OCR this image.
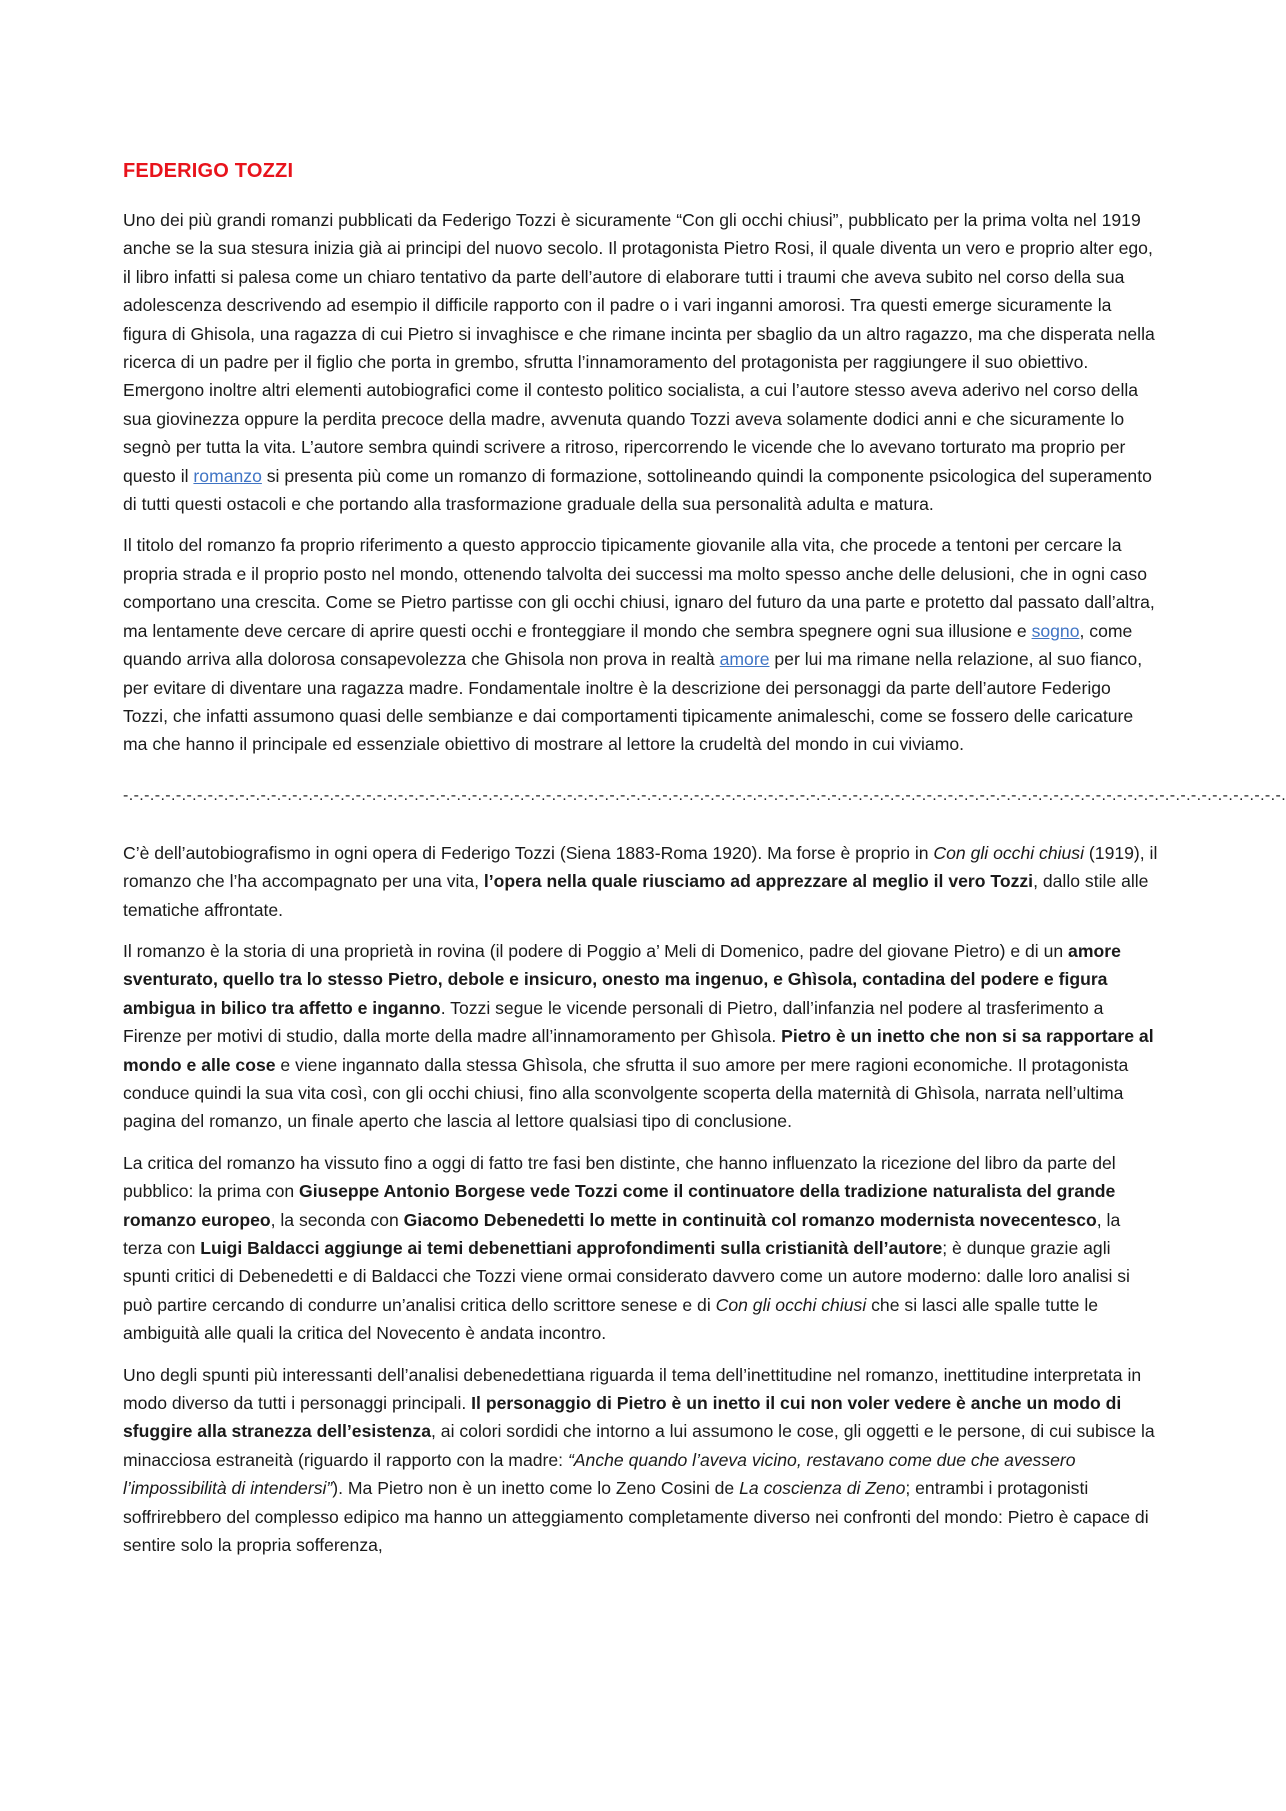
FEDERIGO TOZZI

Uno dei più grandi romanzi pubblicati da Federigo Tozzi è sicuramente “Con gli occhi chiusi”, pubblicato per la prima volta nel 1919 anche se la sua stesura inizia già ai principi del nuovo secolo. Il protagonista Pietro Rosi, il quale diventa un vero e proprio alter ego, il libro infatti si palesa come un chiaro tentativo da parte dell’autore di elaborare tutti i traumi che aveva subito nel corso della sua adolescenza descrivendo ad esempio il difficile rapporto con il padre o i vari inganni amorosi. Tra questi emerge sicuramente la figura di Ghisola, una ragazza di cui Pietro si invaghisce e che rimane incinta per sbaglio da un altro ragazzo, ma che disperata nella ricerca di un padre per il figlio che porta in grembo, sfrutta l’innamoramento del protagonista per raggiungere il suo obiettivo. Emergono inoltre altri elementi autobiografici come il contesto politico socialista, a cui l’autore stesso aveva aderivo nel corso della sua giovinezza oppure la perdita precoce della madre, avvenuta quando Tozzi aveva solamente dodici anni e che sicuramente lo segnò per tutta la vita. L’autore sembra quindi scrivere a ritroso, ripercorrendo le vicende che lo avevano torturato ma proprio per questo il romanzo si presenta più come un romanzo di formazione, sottolineando quindi la componente psicologica del superamento di tutti questi ostacoli e che portando alla trasformazione graduale della sua personalità adulta e matura.

Il titolo del romanzo fa proprio riferimento a questo approccio tipicamente giovanile alla vita, che procede a tentoni per cercare la propria strada e il proprio posto nel mondo, ottenendo talvolta dei successi ma molto spesso anche delle delusioni, che in ogni caso comportano una crescita. Come se Pietro partisse con gli occhi chiusi, ignaro del futuro da una parte e protetto dal passato dall’altra, ma lentamente deve cercare di aprire questi occhi e fronteggiare il mondo che sembra spegnere ogni sua illusione e sogno, come quando arriva alla dolorosa consapevolezza che Ghisola non prova in realtà amore per lui ma rimane nella relazione, al suo fianco, per evitare di diventare una ragazza madre. Fondamentale inoltre è la descrizione dei personaggi da parte dell’autore Federigo Tozzi, che infatti assumono quasi delle sembianze e dai comportamenti tipicamente animaleschi, come se fossero delle caricature ma che hanno il principale ed essenziale obiettivo di mostrare al lettore la crudeltà del mondo in cui viviamo.

-.-.-.-.-.-.-.-.-.-.-.-.-.-.-.-.-.-.-.-.-.-.-.-.-.-.-.-.-.-.-.-.-.-.-.-.-.-.-.-.-.-.-.-.-.-.-.-.-.-.-.-.-.-.-.-.-.-.-.-.-.-.-.-.-.-.-.-.-.-.-.-.-.-.-.-.-.-.-.-.-.-.-.-.-.-.-.-.-.-.-.-.-.-.-.-.-.-.-.-.-.-.-.-.-.-.-.-.-.-.

C’è dell’autobiografismo in ogni opera di Federigo Tozzi (Siena 1883-Roma 1920). Ma forse è proprio in Con gli occhi chiusi (1919), il romanzo che l’ha accompagnato per una vita, l’opera nella quale riusciamo ad apprezzare al meglio il vero Tozzi, dallo stile alle tematiche affrontate.

Il romanzo è la storia di una proprietà in rovina (il podere di Poggio a’ Meli di Domenico, padre del giovane Pietro) e di un amore sventurato, quello tra lo stesso Pietro, debole e insicuro, onesto ma ingenuo, e Ghìsola, contadina del podere e figura ambigua in bilico tra affetto e inganno. Tozzi segue le vicende personali di Pietro, dall’infanzia nel podere al trasferimento a Firenze per motivi di studio, dalla morte della madre all’innamoramento per Ghìsola. Pietro è un inetto che non si sa rapportare al mondo e alle cose e viene ingannato dalla stessa Ghìsola, che sfrutta il suo amore per mere ragioni economiche. Il protagonista conduce quindi la sua vita così, con gli occhi chiusi, fino alla sconvolgente scoperta della maternità di Ghìsola, narrata nell’ultima pagina del romanzo, un finale aperto che lascia al lettore qualsiasi tipo di conclusione.

La critica del romanzo ha vissuto fino a oggi di fatto tre fasi ben distinte, che hanno influenzato la ricezione del libro da parte del pubblico: la prima con Giuseppe Antonio Borgese vede Tozzi come il continuatore della tradizione naturalista del grande romanzo europeo, la seconda con Giacomo Debenedetti lo mette in continuità col romanzo modernista novecentesco, la terza con Luigi Baldacci aggiunge ai temi debenettiani approfondimenti sulla cristianità dell’autore; è dunque grazie agli spunti critici di Debenedetti e di Baldacci che Tozzi viene ormai considerato davvero come un autore moderno: dalle loro analisi si può partire cercando di condurre un’analisi critica dello scrittore senese e di Con gli occhi chiusi che si lasci alle spalle tutte le ambiguità alle quali la critica del Novecento è andata incontro.

Uno degli spunti più interessanti dell’analisi debenedettiana riguarda il tema dell’inettitudine nel romanzo, inettitudine interpretata in modo diverso da tutti i personaggi principali. Il personaggio di Pietro è un inetto il cui non voler vedere è anche un modo di sfuggire alla stranezza dell’esistenza, ai colori sordidi che intorno a lui assumono le cose, gli oggetti e le persone, di cui subisce la minacciosa estraneità (riguardo il rapporto con la madre: “Anche quando l’aveva vicino, restavano come due che avessero l’impossibilità di intendersi”). Ma Pietro non è un inetto come lo Zeno Cosini de La coscienza di Zeno; entrambi i protagonisti soffrirebbero del complesso edipico ma hanno un atteggiamento completamente diverso nei confronti del mondo: Pietro è capace di sentire solo la propria sofferenza,
